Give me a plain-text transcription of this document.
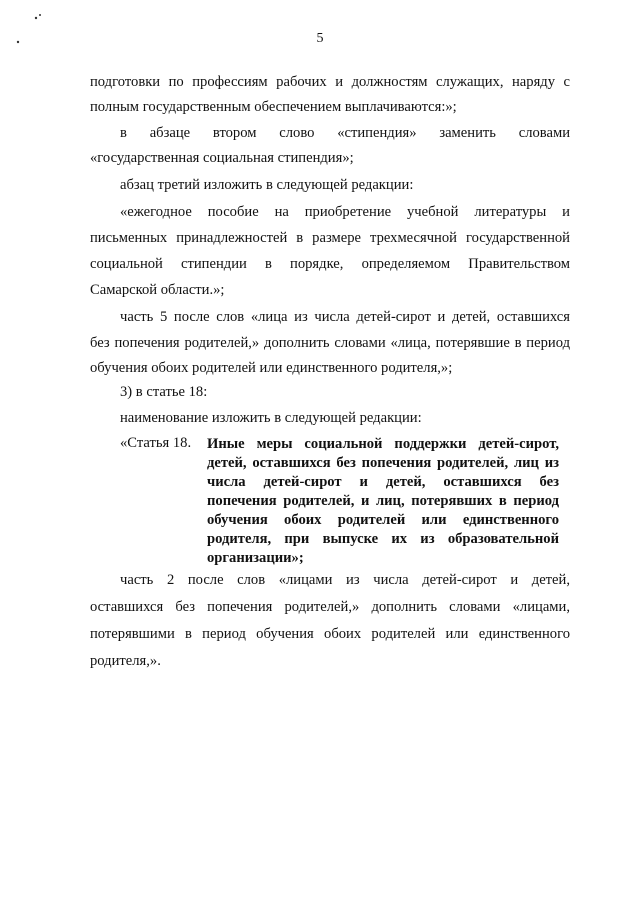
5
подготовки по профессиям рабочих и должностям служащих, наряду с
полным государственным обеспечением выплачиваются:»;
в абзаце втором слово «стипендия» заменить словами
«государственная социальная стипендия»;
абзац третий изложить в следующей редакции:
«ежегодное пособие на приобретение учебной литературы и
письменных принадлежностей в размере трехмесячной государственной
социальной стипендии в порядке, определяемом Правительством
Самарской области.»;
часть 5 после слов «лица из числа детей-сирот и детей, оставшихся
без попечения родителей,» дополнить словами «лица, потерявшие в период
обучения обоих родителей или единственного родителя,»;
3) в статье 18:
наименование изложить в следующей редакции:
«Статья 18. Иные меры социальной поддержки детей-сирот,
детей, оставшихся без попечения родителей, лиц из
числа детей-сирот и детей, оставшихся без
попечения родителей, и лиц, потерявших в период
обучения обоих родителей или единственного
родителя, при выпуске их из образовательной
организации»;
часть 2 после слов «лицами из числа детей-сирот и детей,
оставшихся без попечения родителей,» дополнить словами «лицами,
потерявшими в период обучения обоих родителей или единственного
родителя,».
